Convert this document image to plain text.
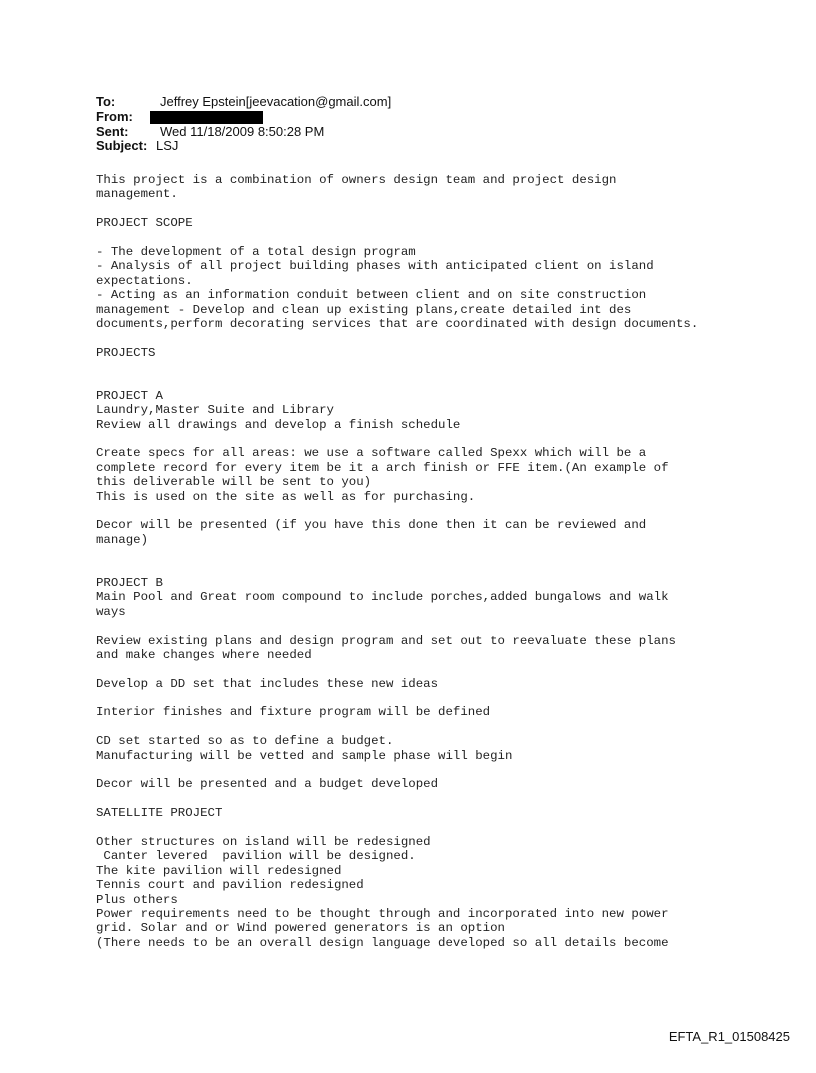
To:	Jeffrey Epstein[jeevacation@gmail.com]
From:
Sent:	Wed 11/18/2009 8:50:28 PM
Subject: LSJ
This project is a combination of owners design team and project design
management.
PROJECT SCOPE
- The development of a total design program
- Analysis of all project building phases with anticipated client on island
expectations.
- Acting as an information conduit between client and on site construction
management - Develop and clean up existing plans,create detailed int des
documents,perform decorating services that are coordinated with design documents.
PROJECTS
PROJECT A
Laundry,Master Suite and Library
Review all drawings and develop a finish schedule
Create specs for all areas: we use a software called Spexx which will be a
complete record for every item be it a arch finish or FFE item.(An example of
this deliverable will be sent to you)
This is used on the site as well as for purchasing.
Decor will be presented (if you have this done then it can be reviewed and
manage)
PROJECT B
Main Pool and Great room compound to include porches,added bungalows and walk
ways
Review existing plans and design program and set out to reevaluate these plans
and make changes where needed
Develop a DD set that includes these new ideas
Interior finishes and fixture program will be defined
CD set started so as to define a budget.
Manufacturing will be vetted and sample phase will begin
Decor will be presented and a budget developed
SATELLITE PROJECT
Other structures on island will be redesigned
Canter levered  pavilion will be designed.
The kite pavilion will redesigned
Tennis court and pavilion redesigned
Plus others
Power requirements need to be thought through and incorporated into new power
grid. Solar and or Wind powered generators is an option
(There needs to be an overall design language developed so all details become
EFTA_R1_01508425
